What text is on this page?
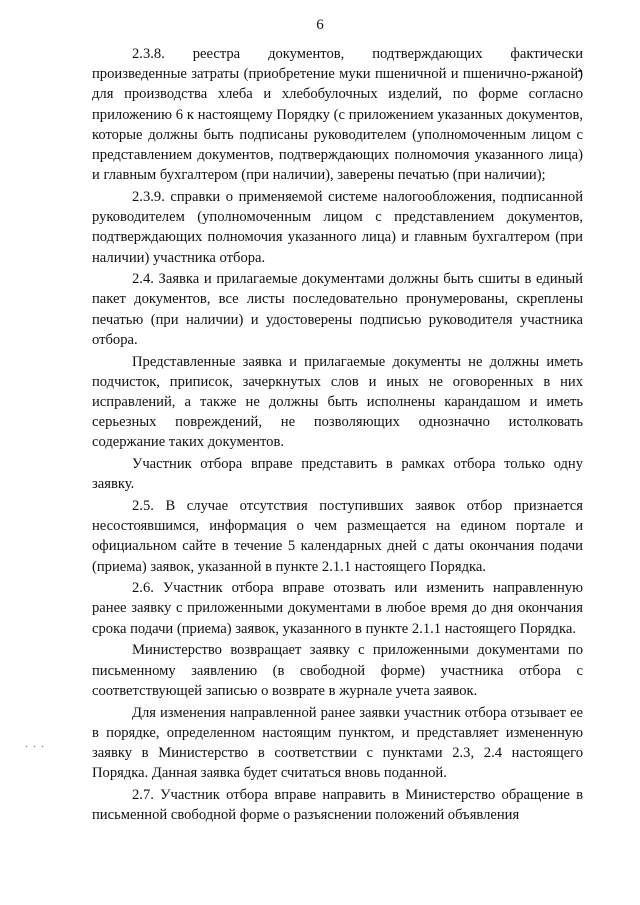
6

2.3.8. реестра документов, подтверждающих фактически произведенные затраты (приобретение муки пшеничной и пшенично-ржаной) для производства хлеба и хлебобулочных изделий, по форме согласно приложению 6 к настоящему Порядку (с приложением указанных документов, которые должны быть подписаны руководителем (уполномоченным лицом с представлением документов, подтверждающих полномочия указанного лица) и главным бухгалтером (при наличии), заверены печатью (при наличии);

2.3.9. справки о применяемой системе налогообложения, подписанной руководителем (уполномоченным лицом с представлением документов, подтверждающих полномочия указанного лица) и главным бухгалтером (при наличии) участника отбора.

2.4. Заявка и прилагаемые документами должны быть сшиты в единый пакет документов, все листы последовательно пронумерованы, скреплены печатью (при наличии) и удостоверены подписью руководителя участника отбора.

Представленные заявка и прилагаемые документы не должны иметь подчисток, приписок, зачеркнутых слов и иных не оговоренных в них исправлений, а также не должны быть исполнены карандашом и иметь серьезных повреждений, не позволяющих однозначно истолковать содержание таких документов.

Участник отбора вправе представить в рамках отбора только одну заявку.

2.5. В случае отсутствия поступивших заявок отбор признается несостоявшимся, информация о чем размещается на едином портале и официальном сайте в течение 5 календарных дней с даты окончания подачи (приема) заявок, указанной в пункте 2.1.1 настоящего Порядка.

2.6. Участник отбора вправе отозвать или изменить направленную ранее заявку с приложенными документами в любое время до дня окончания срока подачи (приема) заявок, указанного в пункте 2.1.1 настоящего Порядка.

Министерство возвращает заявку с приложенными документами по письменному заявлению (в свободной форме) участника отбора с соответствующей записью о возврате в журнале учета заявок.

Для изменения направленной ранее заявки участник отбора отзывает ее в порядке, определенном настоящим пунктом, и представляет измененную заявку в Министерство в соответствии с пунктами 2.3, 2.4 настоящего Порядка. Данная заявка будет считаться вновь поданной.

2.7. Участник отбора вправе направить в Министерство обращение в письменной свободной форме о разъяснении положений объявления

. . .
